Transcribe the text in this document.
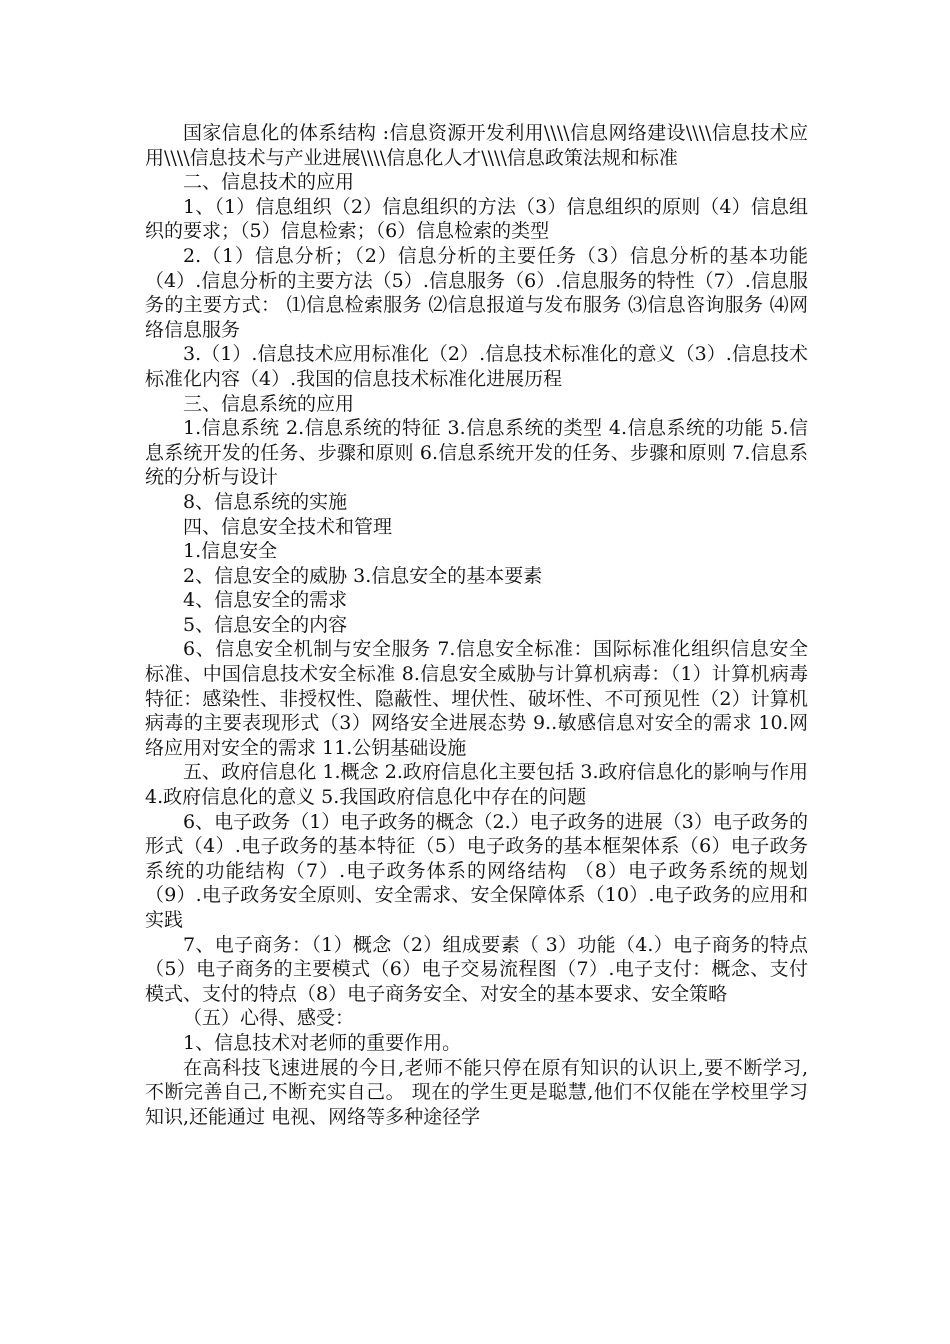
国家信息化的体系结构 :信息资源开发利用\\\\信息网络建设\\\\信息技术应用\\\\信息技术与产业进展\\\\信息化人才\\\\信息政策法规和标准

二、信息技术的应用

1、（1）信息组织（2）信息组织的方法（3）信息组织的原则（4）信息组织的要求；（5）信息检索；（6）信息检索的类型

2.（1）信息分析；（2）信息分析的主要任务（3）信息分析的基本功能（4）.信息分析的主要方法（5）.信息服务（6）.信息服务的特性（7）.信息服务的主要方式： ⑴信息检索服务 ⑵信息报道与发布服务 ⑶信息咨询服务 ⑷网络信息服务

3.（1）.信息技术应用标准化（2）.信息技术标准化的意义（3）.信息技术标准化内容（4）.我国的信息技术标准化进展历程

三、信息系统的应用

1.信息系统 2.信息系统的特征 3.信息系统的类型 4.信息系统的功能 5.信息系统开发的任务、步骤和原则 6.信息系统开发的任务、步骤和原则 7.信息系统的分析与设计

8、信息系统的实施

四、信息安全技术和管理

1.信息安全

2、信息安全的威胁 3.信息安全的基本要素

4、信息安全的需求

5、信息安全的内容

6、信息安全机制与安全服务 7.信息安全标准：国际标准化组织信息安全标准、中国信息技术安全标准 8.信息安全威胁与计算机病毒：（1）计算机病毒特征：感染性、非授权性、隐蔽性、埋伏性、破坏性、不可预见性（2）计算机病毒的主要表现形式（3）网络安全进展态势 9..敏感信息对安全的需求 10.网络应用对安全的需求 11.公钥基础设施

五、政府信息化 1.概念 2.政府信息化主要包括 3.政府信息化的影响与作用 4.政府信息化的意义 5.我国政府信息化中存在的问题

6、电子政务（1）电子政务的概念（2.）电子政务的进展（3）电子政务的形式（4）.电子政务的基本特征（5）电子政务的基本框架体系（6）电子政务系统的功能结构（7）.电子政务体系的网络结构 （8）电子政务系统的规划（9）.电子政务安全原则、安全需求、安全保障体系（10）.电子政务的应用和实践

7、电子商务：（1）概念（2）组成要素（ 3）功能（4.）电子商务的特点（5）电子商务的主要模式（6）电子交易流程图（7）.电子支付：概念、支付模式、支付的特点（8）电子商务安全、对安全的基本要求、安全策略

（五）心得、感受：

1、信息技术对老师的重要作用。

在高科技飞速进展的今日,老师不能只停在原有知识的认识上,要不断学习,不断完善自己,不断充实自己。 现在的学生更是聪慧,他们不仅能在学校里学习知识,还能通过 电视、网络等多种途径学
